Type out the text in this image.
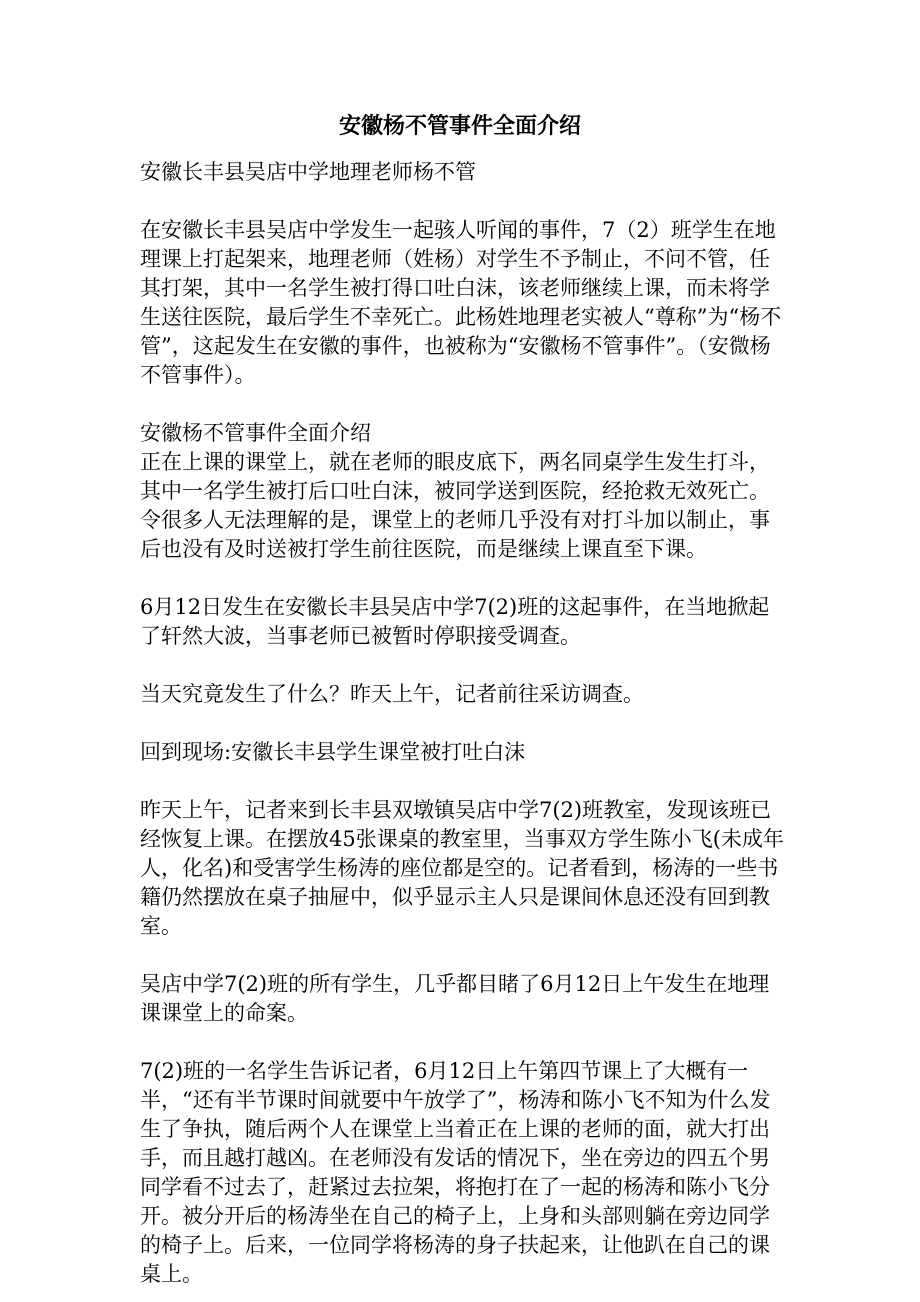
安徽杨不管事件全面介绍

安徽长丰县吴店中学地理老师杨不管

在安徽长丰县吴店中学发生一起骇人听闻的事件，7（2）班学生在地理课上打起架来，地理老师（姓杨）对学生不予制止，不问不管，任其打架，其中一名学生被打得口吐白沫，该老师继续上课，而未将学生送往医院，最后学生不幸死亡。此杨姓地理老实被人“尊称”为“杨不管”，这起发生在安徽的事件，也被称为“安徽杨不管事件”。（安微杨不管事件）。

安徽杨不管事件全面介绍

正在上课的课堂上，就在老师的眼皮底下，两名同桌学生发生打斗，其中一名学生被打后口吐白沫，被同学送到医院，经抢救无效死亡。令很多人无法理解的是，课堂上的老师几乎没有对打斗加以制止，事后也没有及时送被打学生前往医院，而是继续上课直至下课。

6月12日发生在安徽长丰县吴店中学7(2)班的这起事件，在当地掀起了轩然大波，当事老师已被暂时停职接受调查。

当天究竟发生了什么？昨天上午，记者前往采访调查。

回到现场:安徽长丰县学生课堂被打吐白沫

昨天上午，记者来到长丰县双墩镇吴店中学7(2)班教室，发现该班已经恢复上课。在摆放45张课桌的教室里，当事双方学生陈小飞(未成年人，化名)和受害学生杨涛的座位都是空的。记者看到，杨涛的一些书籍仍然摆放在桌子抽屉中，似乎显示主人只是课间休息还没有回到教室。

吴店中学7(2)班的所有学生，几乎都目睹了6月12日上午发生在地理课课堂上的命案。

7(2)班的一名学生告诉记者，6月12日上午第四节课上了大概有一半，“还有半节课时间就要中午放学了”，杨涛和陈小飞不知为什么发生了争执，随后两个人在课堂上当着正在上课的老师的面，就大打出手，而且越打越凶。在老师没有发话的情况下，坐在旁边的四五个男同学看不过去了，赶紧过去拉架，将抱打在了一起的杨涛和陈小飞分开。被分开后的杨涛坐在自己的椅子上，上身和头部则躺在旁边同学的椅子上。后来，一位同学将杨涛的身子扶起来，让他趴在自己的课桌上。
